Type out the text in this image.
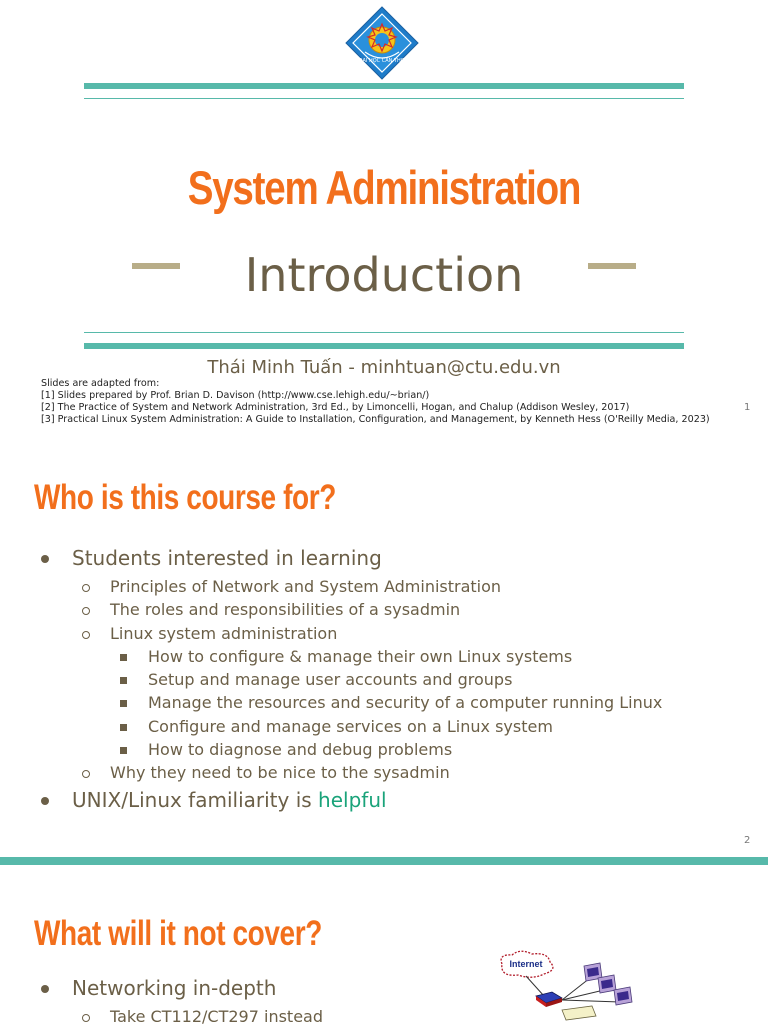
ĐẠI HỌC CẦN THƠ
System Administration
Introduction
Thái Minh Tuấn - minhtuan@ctu.edu.vn
Slides are adapted from:
[1] Slides prepared by Prof. Brian D. Davison (http://www.cse.lehigh.edu/~brian/)
[2] The Practice of System and Network Administration, 3rd Ed., by Limoncelli, Hogan, and Chalup (Addison Wesley, 2017)
[3] Practical Linux System Administration: A Guide to Installation, Configuration, and Management, by Kenneth Hess (O'Reilly Media, 2023)
1
Who is this course for?
Students interested in learning
Principles of Network and System Administration
The roles and responsibilities of a sysadmin
Linux system administration
How to configure & manage their own Linux systems
Setup and manage user accounts and groups
Manage the resources and security of a computer running Linux
Configure and manage services on a Linux system
How to diagnose and debug problems
Why they need to be nice to the sysadmin
UNIX/Linux familiarity is helpful
2
What will it not cover?
Networking in-depth
Take CT112/CT297 instead
Internet
